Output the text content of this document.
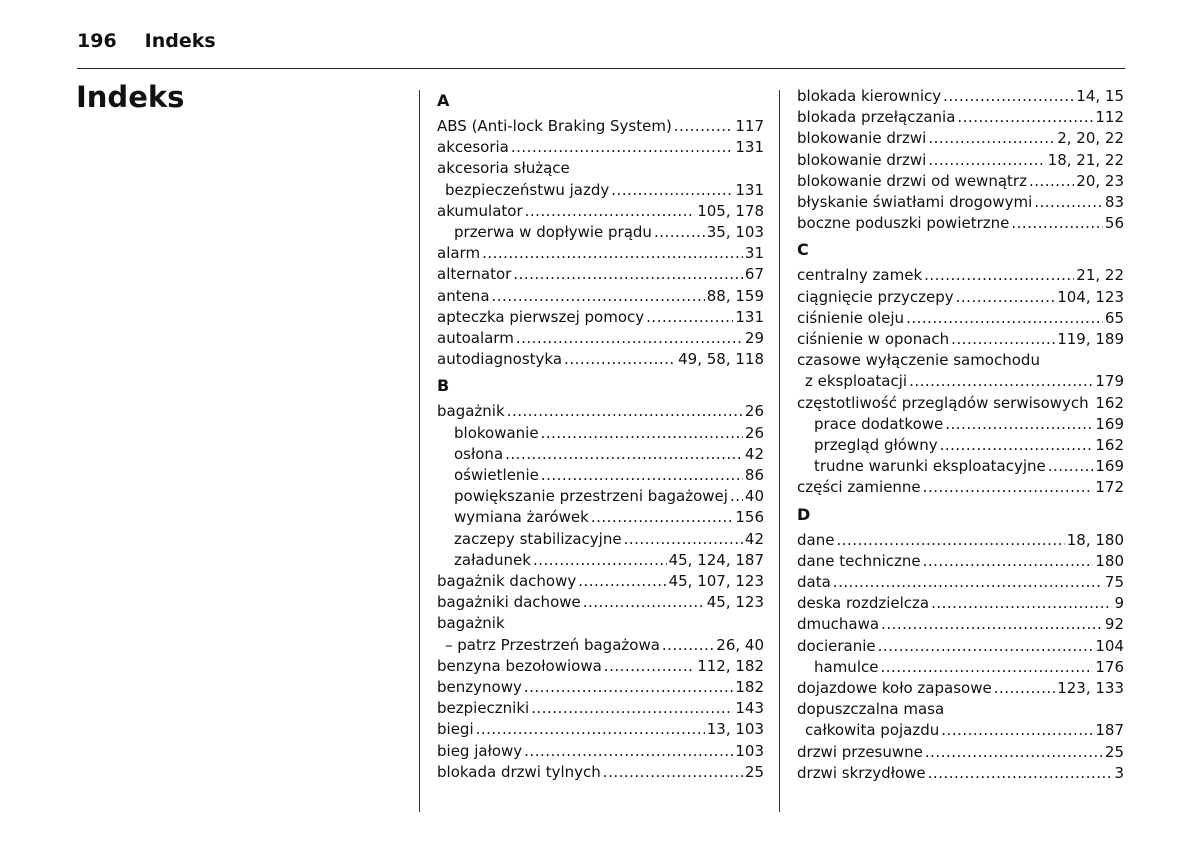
196 Indeks
Indeks	A
ABS (Anti-lock Braking System) .....	117
akcesoria .....	131
akcesoria służące
bezpieczeństwu jazdy .....	131
akumulator .....	105, 178
przerwa w dopływie prądu .....	35, 103
alarm .....	31
alternator .....	67
antena .....	88, 159
apteczka pierwszej pomocy .....	131
autoalarm .....	29
autodiagnostyka .....	49, 58, 118
B
bagażnik .....	26
blokowanie .....	26
osłona .....	42
oświetlenie .....	86
powiększanie przestrzeni bagażowej ..... 40
wymiana żarówek .....	156
zaczepy stabilizacyjne .....	42
załadunek .....	45, 124, 187
bagażnik dachowy .....	45, 107, 123
bagażniki dachowe .....	45, 123
bagażnik
– patrz Przestrzeń bagażowa .....	26, 40
benzyna bezołowiowa .....	112, 182
benzynowy .....	182
bezpieczniki .....	143
biegi .....	13, 103
bieg jałowy .....	103
blokada drzwi tylnych .....	25
blokada kierownicy .....	14, 15
blokada przełączania .....	112
blokowanie drzwi .....	2, 20, 22
blokowanie drzwi .....	18, 21, 22
blokowanie drzwi od wewnątrz .....	20, 23
błyskanie światłami drogowymi .....	83
boczne poduszki powietrzne .....	56
C
centralny zamek .....	21, 22
ciągnięcie przyczepy .....	104, 123
ciśnienie oleju .....	65
ciśnienie w oponach .....	119, 189
czasowe wyłączenie samochodu
z eksploatacji .....	179
częstotliwość przeglądów serwisowych 162
prace dodatkowe .....	169
przegląd główny .....	162
trudne warunki eksploatacyjne .....	169
części zamienne .....	172
D
dane .....	18, 180
dane techniczne .....	180
data .....	75
deska rozdzielcza .....	9
dmuchawa .....	92
docieranie .....	104
hamulce .....	176
dojazdowe koło zapasowe .....	123, 133
dopuszczalna masa
całkowita pojazdu .....	187
drzwi przesuwne .....	25
drzwi skrzydłowe .....	3
